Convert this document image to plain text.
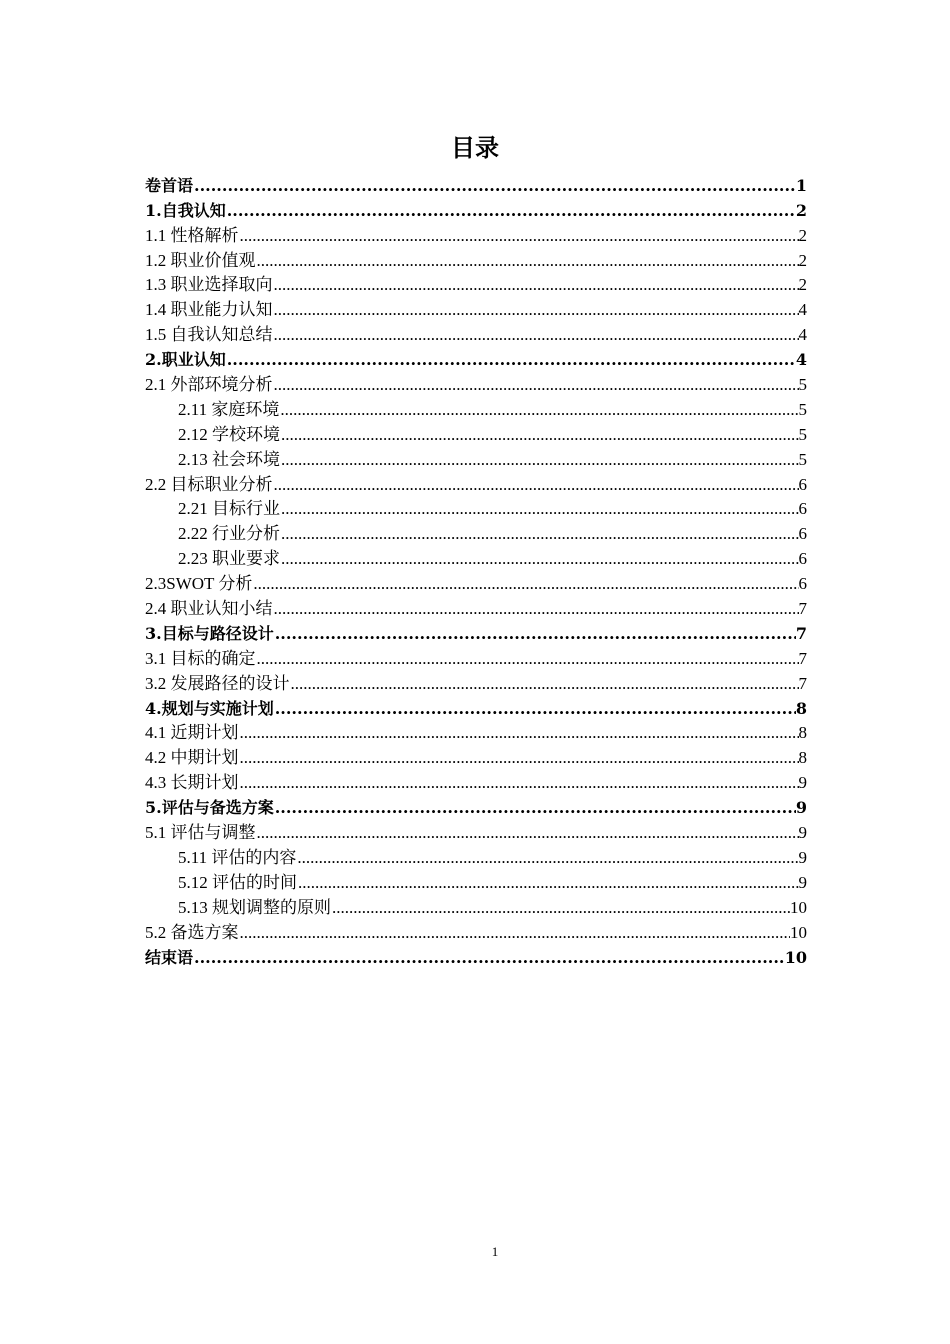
目录
卷首语 .....	1
1.自我认知 .....	2
1.1 性格解析 .....	2
1.2 职业价值观 .....	2
1.3 职业选择取向 .....	2
1.4 职业能力认知 .....	4
1.5 自我认知总结 .....	4
2.职业认知 .....	4
2.1 外部环境分析 .....	5
2.11 家庭环境 .....	5
2.12 学校环境 .....	5
2.13 社会环境 .....	5
2.2 目标职业分析 .....	6
2.21 目标行业 .....	6
2.22 行业分析 .....	6
2.23 职业要求 .....	6
2.3SWOT 分析 .....	6
2.4 职业认知小结 .....	7
3.目标与路径设计 .....	7
3.1 目标的确定 .....	7
3.2 发展路径的设计 .....	7
4.规划与实施计划 .....	8
4.1 近期计划 .....	8
4.2 中期计划 .....	8
4.3 长期计划 .....	9
5.评估与备选方案 .....	9
5.1 评估与调整 .....	9
5.11 评估的内容 .....	9
5.12 评估的时间 .....	9
5.13 规划调整的原则 .....	10
5.2 备选方案 .....	10
结束语 .....	10
1
